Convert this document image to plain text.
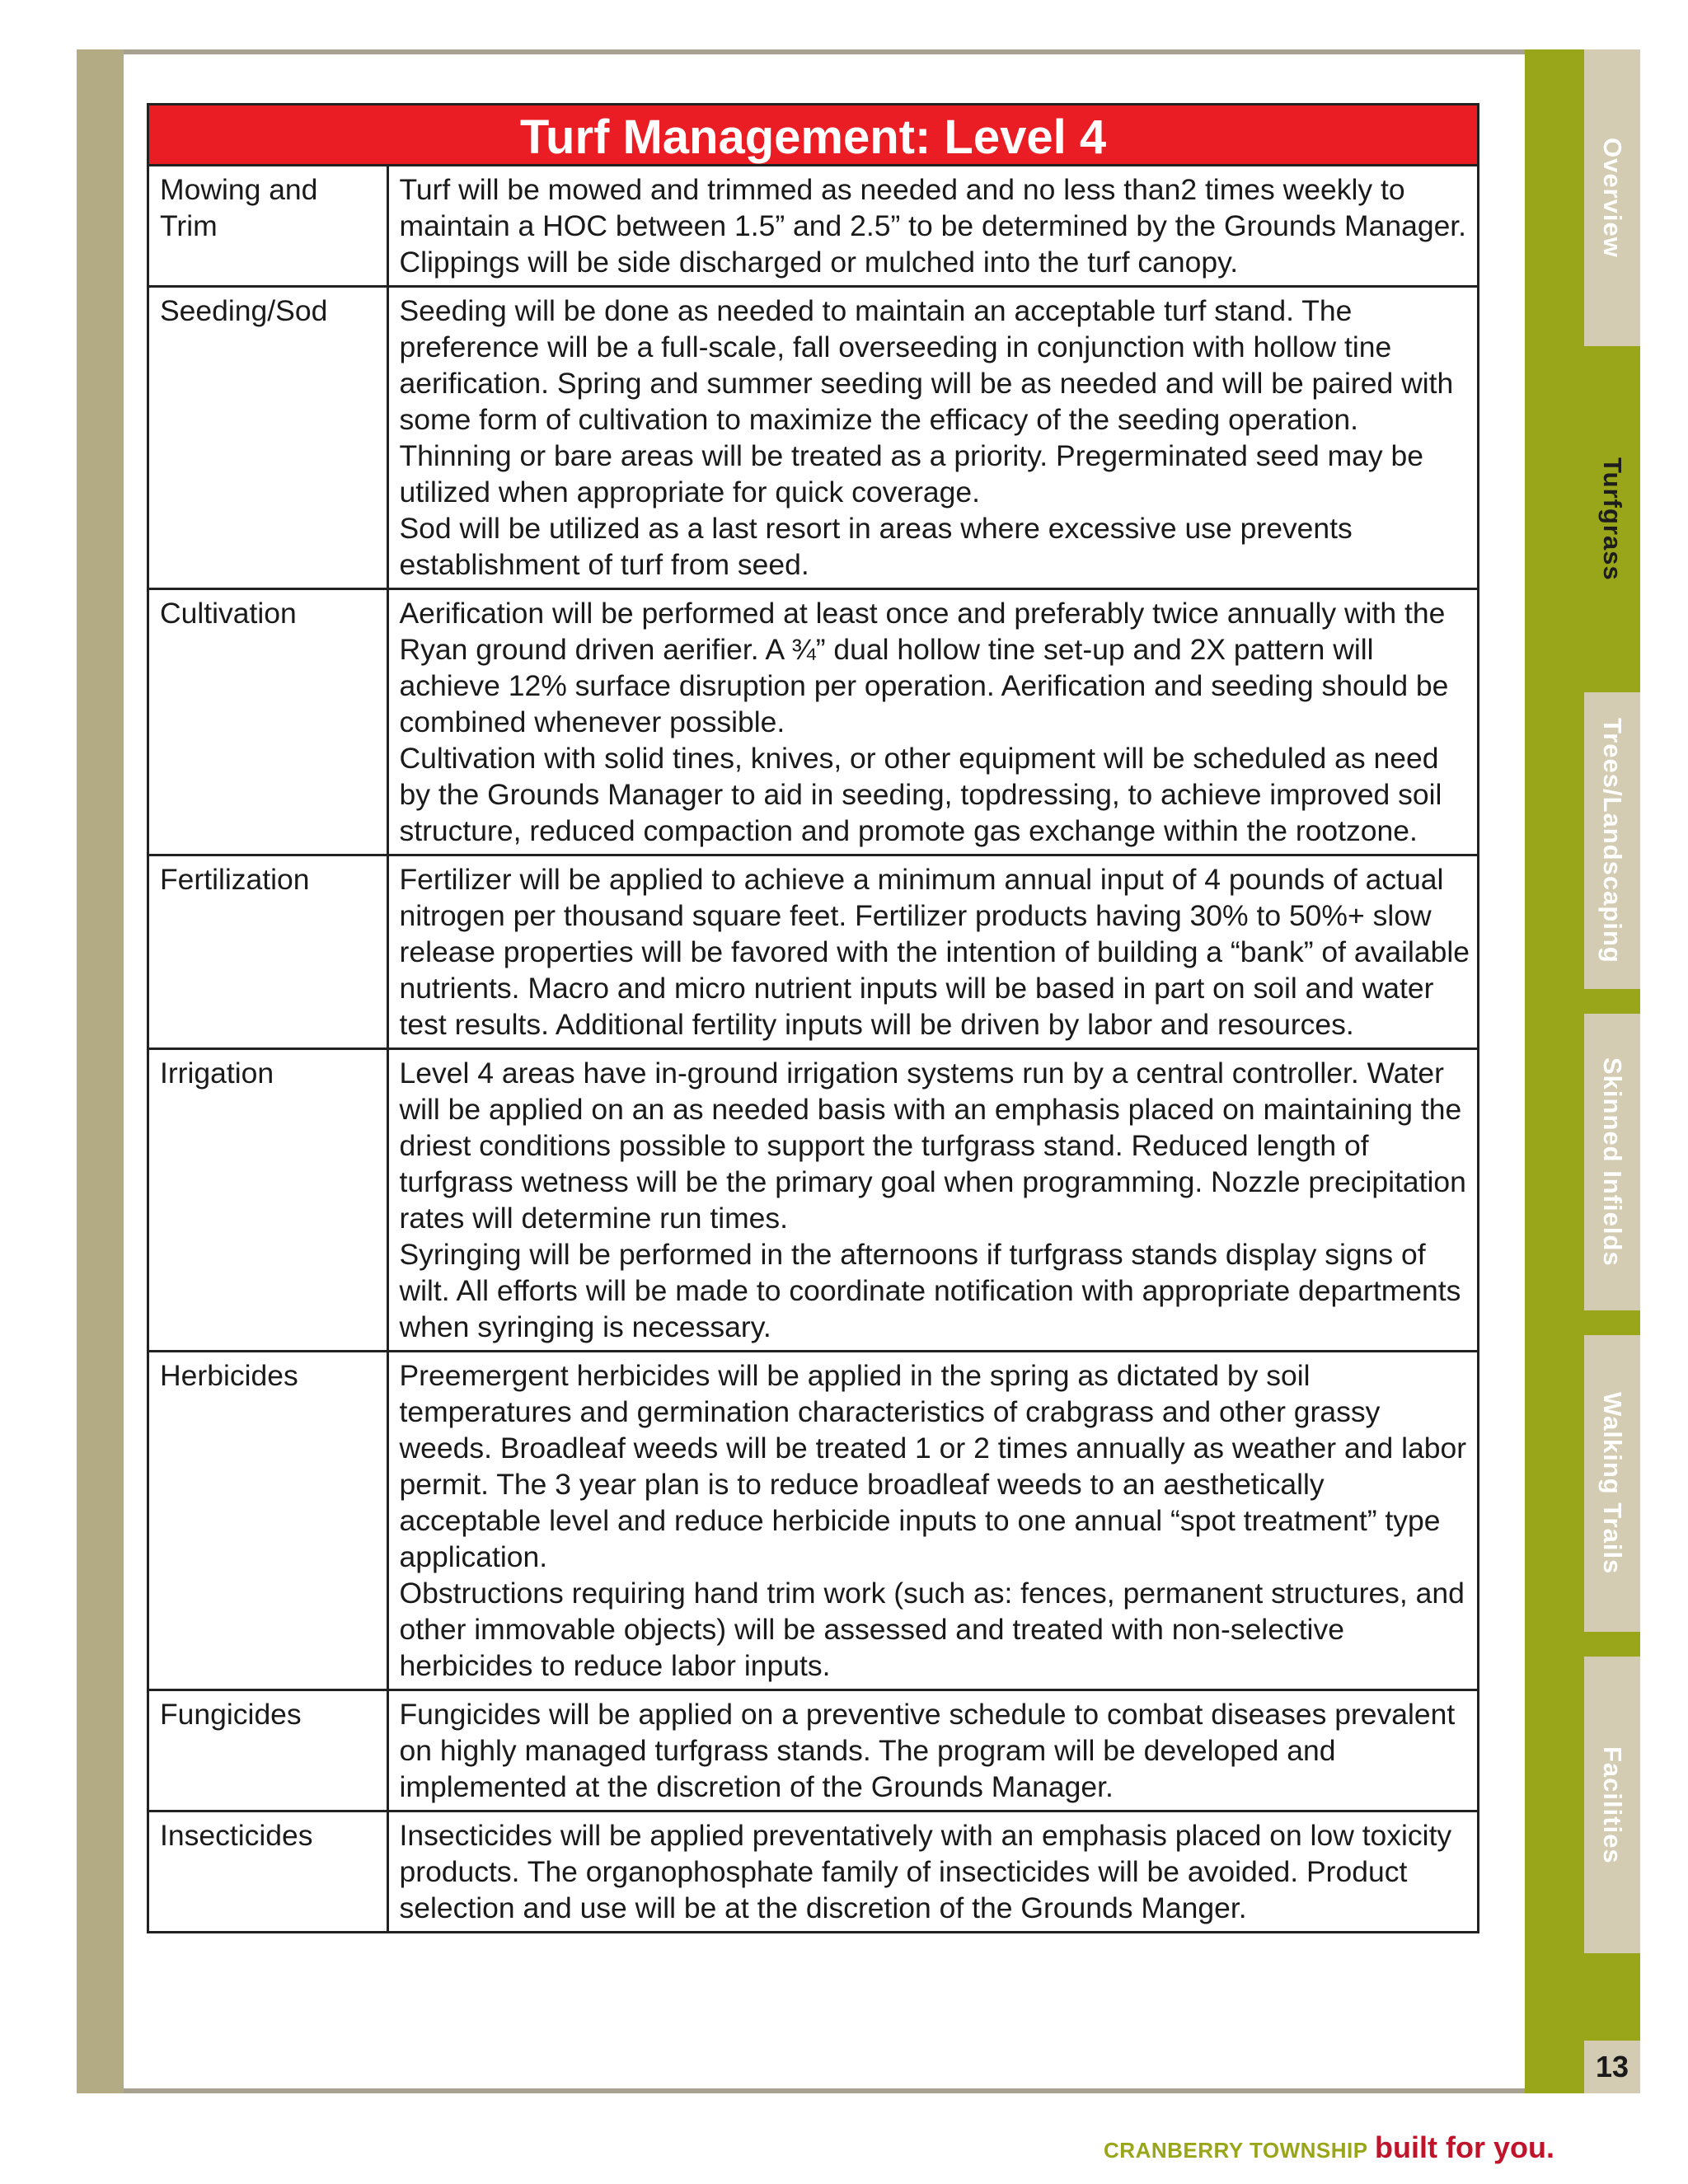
Turf Management: Level 4
Mowing and Trim	Turf will be mowed and trimmed as needed and no less than2 times weekly to maintain a HOC between 1.5” and 2.5” to be determined by the Grounds Manager. Clippings will be side discharged or mulched into the turf canopy.

Seeding/Sod	Seeding will be done as needed to maintain an acceptable turf stand. The preference will be a full-scale, fall overseeding in conjunction with hollow tine aerification. Spring and summer seeding will be as needed and will be paired with some form of cultivation to maximize the efficacy of the seeding operation. Thinning or bare areas will be treated as a priority. Pregerminated seed may be utilized when appropriate for quick coverage.
Sod will be utilized as a last resort in areas where excessive use prevents establishment of turf from seed.

Cultivation	Aerification will be performed at least once and preferably twice annually with the Ryan ground driven aerifier. A ¾” dual hollow tine set-up and 2X pattern will achieve 12% surface disruption per operation. Aerification and seeding should be combined whenever possible.
Cultivation with solid tines, knives, or other equipment will be scheduled as need by the Grounds Manager to aid in seeding, topdressing, to achieve improved soil structure, reduced compaction and promote gas exchange within the rootzone.

Fertilization	Fertilizer will be applied to achieve a minimum annual input of 4 pounds of actual nitrogen per thousand square feet. Fertilizer products having 30% to 50%+ slow release properties will be favored with the intention of building a “bank” of available nutrients. Macro and micro nutrient inputs will be based in part on soil and water test results. Additional fertility inputs will be driven by labor and resources.

Irrigation	Level 4 areas have in-ground irrigation systems run by a central controller. Water will be applied on an as needed basis with an emphasis placed on maintaining the driest conditions possible to support the turfgrass stand. Reduced length of turfgrass wetness will be the primary goal when programming. Nozzle precipitation rates will determine run times.
Syringing will be performed in the afternoons if turfgrass stands display signs of wilt. All efforts will be made to coordinate notification with appropriate departments when syringing is necessary.

Herbicides	Preemergent herbicides will be applied in the spring as dictated by soil temperatures and germination characteristics of crabgrass and other grassy weeds. Broadleaf weeds will be treated 1 or 2 times annually as weather and labor permit. The 3 year plan is to reduce broadleaf weeds to an aesthetically acceptable level and reduce herbicide inputs to one annual “spot treatment” type application.
Obstructions requiring hand trim work (such as: fences, permanent structures, and other immovable objects) will be assessed and treated with non-selective herbicides to reduce labor inputs.

Fungicides	Fungicides will be applied on a preventive schedule to combat diseases prevalent on highly managed turfgrass stands. The program will be developed and implemented at the discretion of the Grounds Manager.

Insecticides	Insecticides will be applied preventatively with an emphasis placed on low toxicity products. The organophosphate family of insecticides will be avoided. Product selection and use will be at the discretion of the Grounds Manger.
Overview
Turfgrass
Trees/Landscaping
Skinned Infields
Walking Trails
Facilities
13
CRANBERRY TOWNSHIP built for you.
